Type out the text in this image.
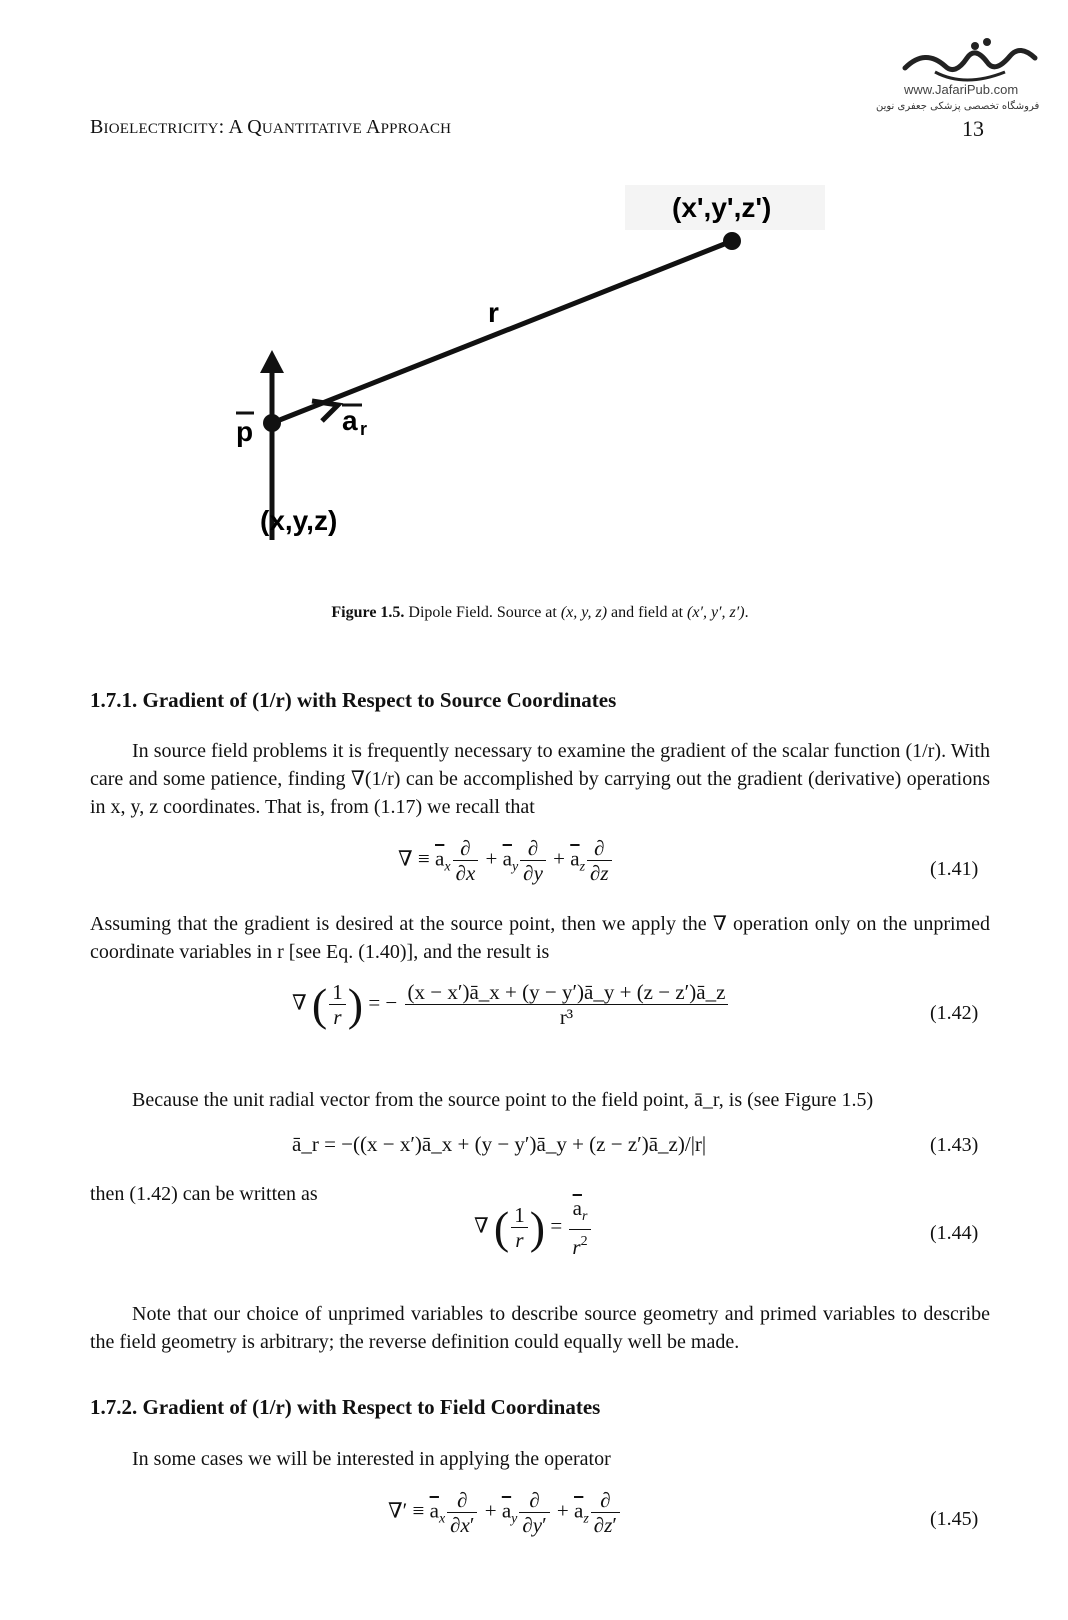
BIOELECTRICITY: A QUANTITATIVE APPROACH	13
www.JafariPub.com
فروشگاه تخصصی پزشکی جعفری نوین
(x',y',z')
r
p	a r
(x,y,z)
Figure 1.5. Dipole Field. Source at (x, y, z) and field at (x′, y′, z′).
1.7.1. Gradient of (1/r) with Respect to Source Coordinates
In source field problems it is frequently necessary to examine the gradient of the scalar function (1/r). With care and some patience, finding ∇(1/r) can be accomplished by carrying out the gradient (derivative) operations in x, y, z coordinates. That is, from (1.17) we recall that
∇ ≡ $\overline{a}_x \frac{\partial}{\partial x} + \overline{a}_y \frac{\partial}{\partial y} + \overline{a}_z \frac{\partial}{\partial z}$	(1.41)
Assuming that the gradient is desired at the source point, then we apply the ∇ operation only on the unprimed coordinate variables in r [see Eq. (1.40)], and the result is
∇ ( $\frac{1}{r}$ ) = − $\frac{(x - x')ā\_x + (y - y')ā\_y + (z - z')ā\_z}{\text{r³}}$	(1.42)
Because the unit radial vector from the source point to the field point, ā_r, is (see Figure 1.5)
ā_r = −((x − x′)ā_x + (y − y′)ā_y + (z − z′)ā_z)/|r|	(1.43)
then (1.42) can be written as
∇ ( $\frac{1}{r}$ ) = $\frac{\overline{a}_r}{r^2}$	(1.44)
Note that our choice of unprimed variables to describe source geometry and primed variables to describe the field geometry is arbitrary; the reverse definition could equally well be made.
1.7.2. Gradient of (1/r) with Respect to Field Coordinates
In some cases we will be interested in applying the operator
∇′ ≡ $\overline{a}_x \frac{\partial}{\partial x'} + \overline{a}_y \frac{\partial}{\partial y'} + \overline{a}_z \frac{\partial}{\partial z'}$	(1.45)
